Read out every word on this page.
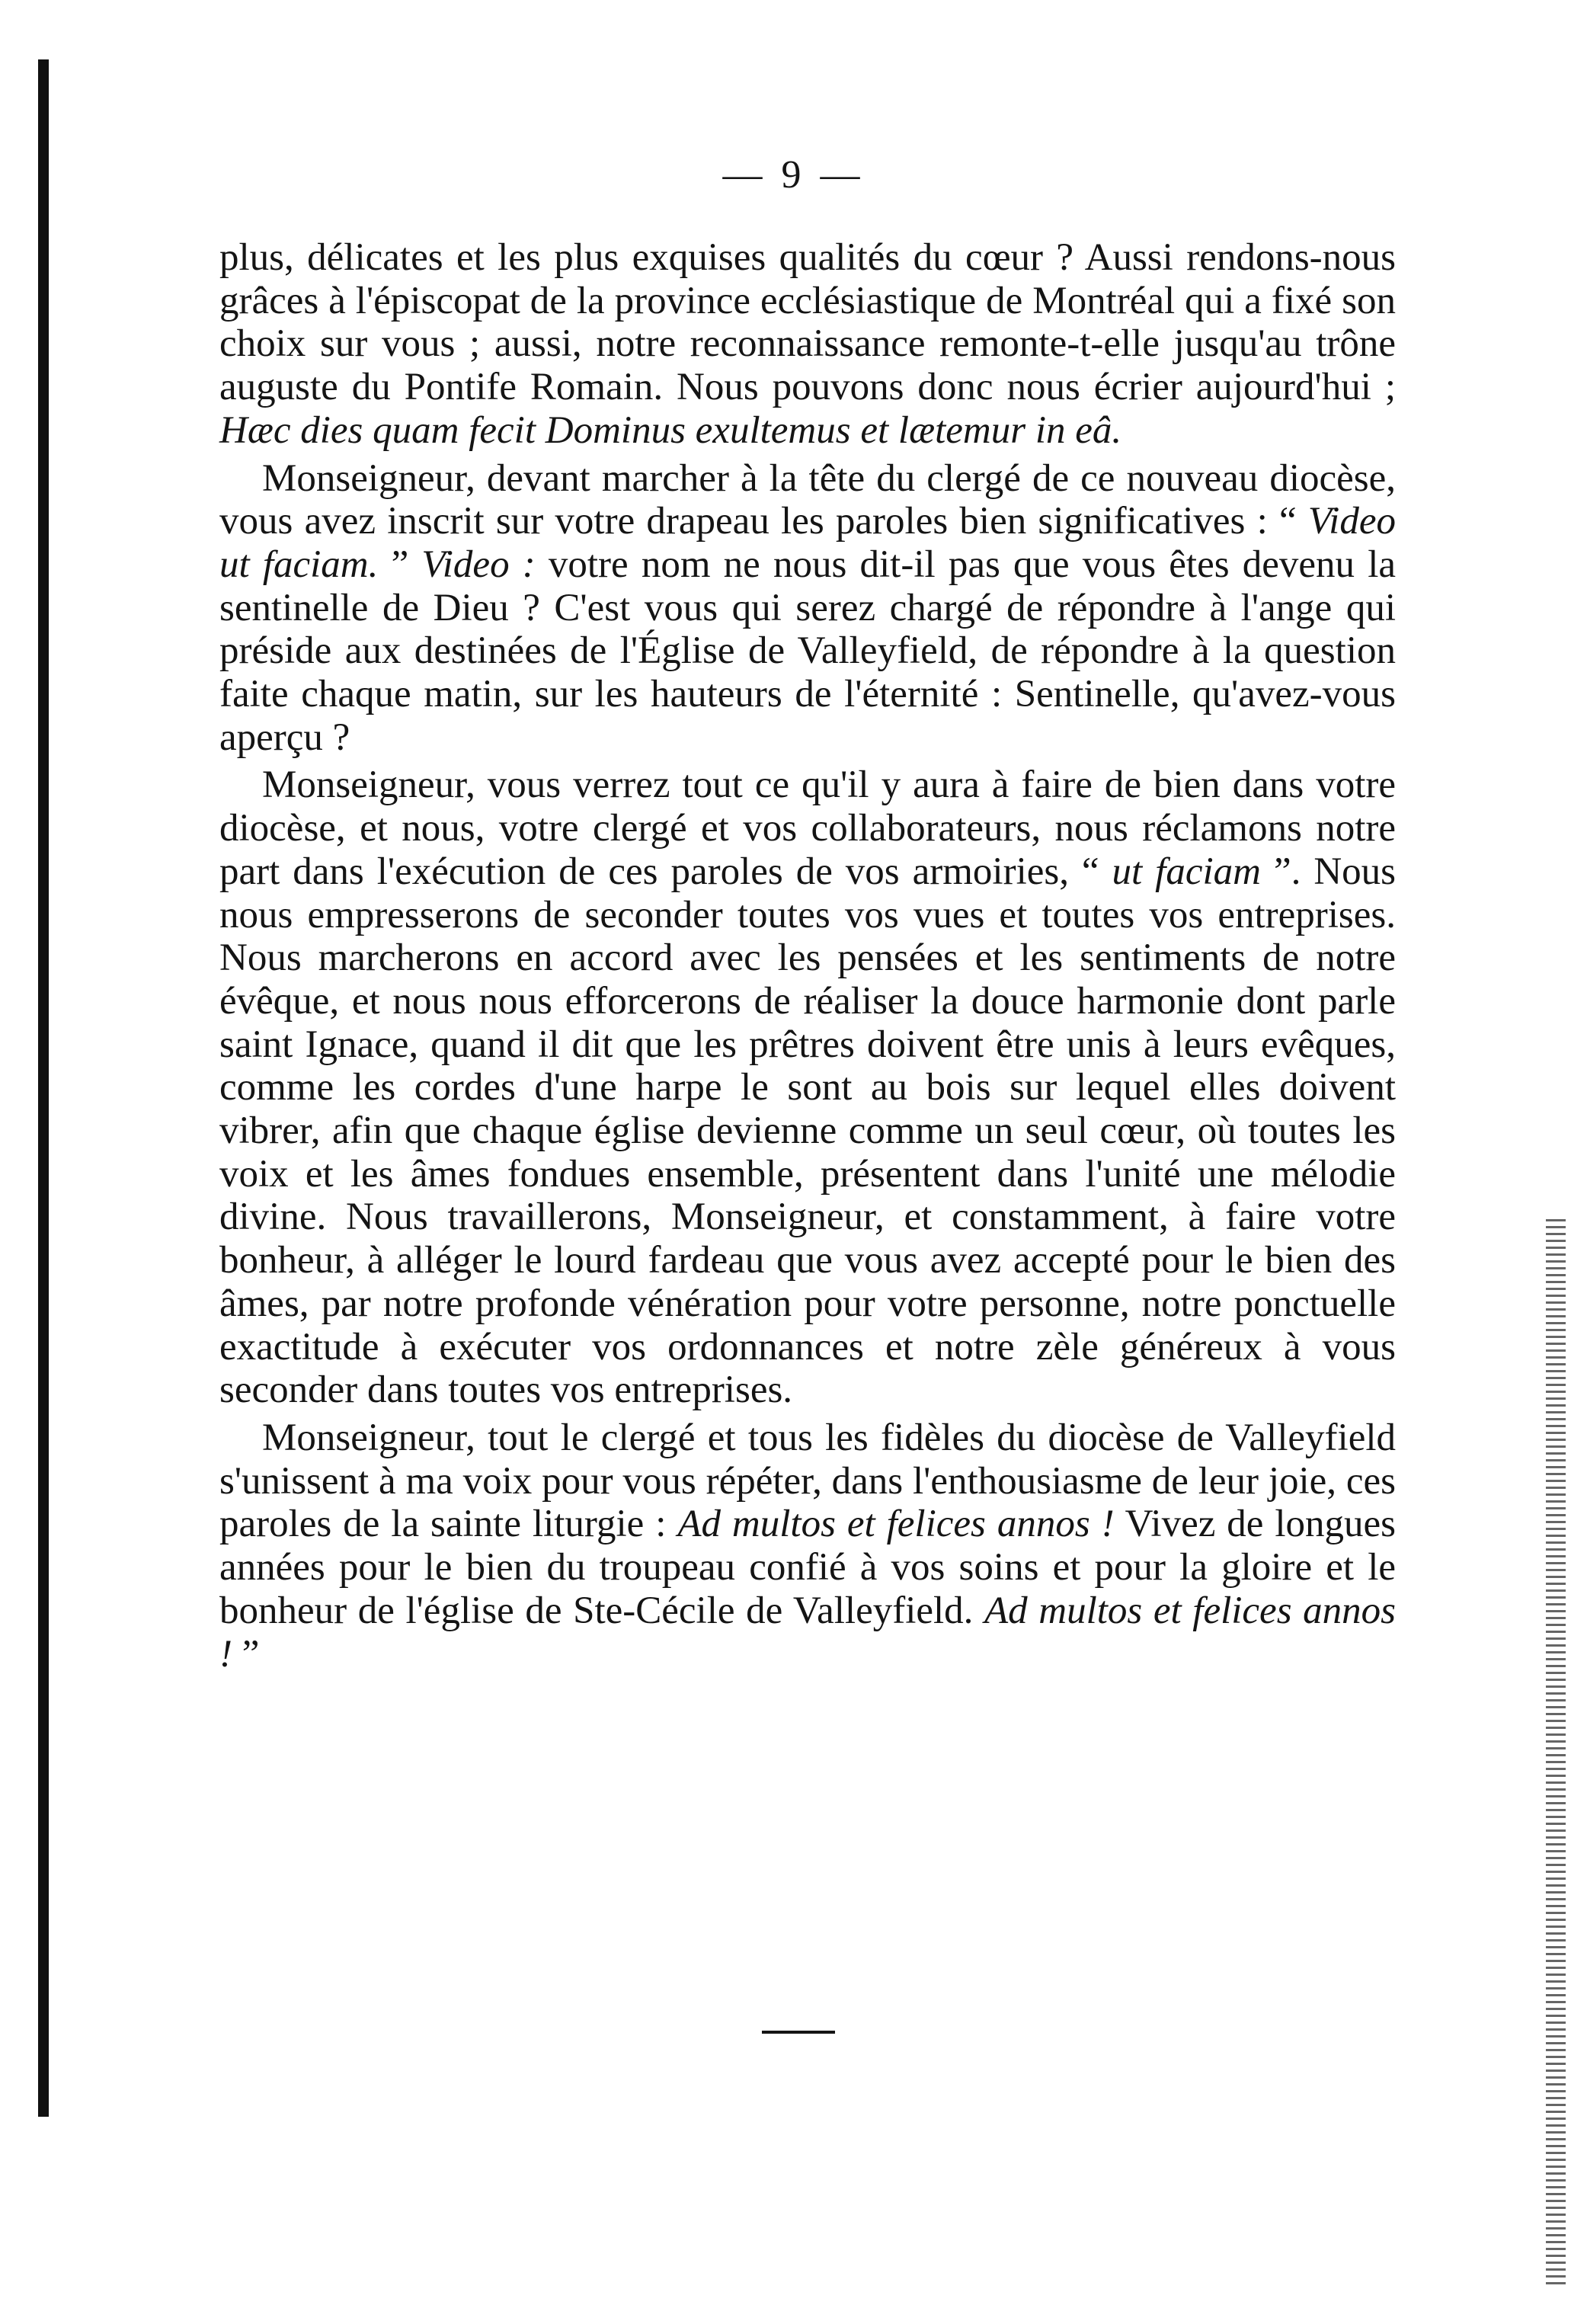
— 9 —

plus, délicates et les plus exquises qualités du cœur ? Aussi rendons-nous grâces à l'épiscopat de la province ecclésiastique de Montréal qui a fixé son choix sur vous ; aussi, notre reconnaissance remonte-t-elle jusqu'au trône auguste du Pontife Romain. Nous pouvons donc nous écrier aujourd'hui ; Hæc dies quam fecit Dominus exultemus et lætemur in eâ.

Monseigneur, devant marcher à la tête du clergé de ce nouveau diocèse, vous avez inscrit sur votre drapeau les paroles bien significatives : “ Video ut faciam. ” Video : votre nom ne nous dit-il pas que vous êtes devenu la sentinelle de Dieu ? C'est vous qui serez chargé de répondre à l'ange qui préside aux destinées de l'Église de Valleyfield, de répondre à la question faite chaque matin, sur les hauteurs de l'éternité : Sentinelle, qu'avez-vous aperçu ?

Monseigneur, vous verrez tout ce qu'il y aura à faire de bien dans votre diocèse, et nous, votre clergé et vos collaborateurs, nous réclamons notre part dans l'exécution de ces paroles de vos armoiries, “ ut faciam ”. Nous nous empresserons de seconder toutes vos vues et toutes vos entreprises. Nous marcherons en accord avec les pensées et les sentiments de notre évêque, et nous nous efforcerons de réaliser la douce harmonie dont parle saint Ignace, quand il dit que les prêtres doivent être unis à leurs evêques, comme les cordes d'une harpe le sont au bois sur lequel elles doivent vibrer, afin que chaque église devienne comme un seul cœur, où toutes les voix et les âmes fondues ensemble, présentent dans l'unité une mélodie divine. Nous travaillerons, Monseigneur, et constamment, à faire votre bonheur, à alléger le lourd fardeau que vous avez accepté pour le bien des âmes, par notre profonde vénération pour votre personne, notre ponctuelle exactitude à exécuter vos ordonnances et notre zèle généreux à vous seconder dans toutes vos entreprises.

Monseigneur, tout le clergé et tous les fidèles du diocèse de Valleyfield s'unissent à ma voix pour vous répéter, dans l'enthousiasme de leur joie, ces paroles de la sainte liturgie : Ad multos et felices annos ! Vivez de longues années pour le bien du troupeau confié à vos soins et pour la gloire et le bonheur de l'église de Ste-Cécile de Valleyfield. Ad multos et felices annos ! ”
